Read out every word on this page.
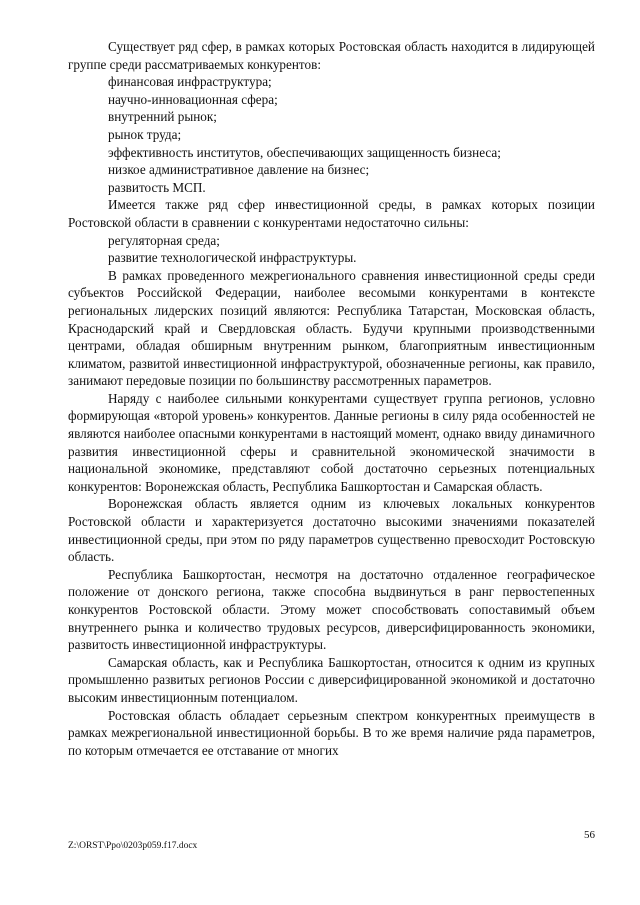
Существует ряд сфер, в рамках которых Ростовская область находится в лидирующей группе среди рассматриваемых конкурентов:

финансовая инфраструктура;

научно-инновационная сфера;

внутренний рынок;

рынок труда;

эффективность институтов, обеспечивающих защищенность бизнеса;

низкое административное давление на бизнес;

развитость МСП.

Имеется также ряд сфер инвестиционной среды, в рамках которых позиции Ростовской области в сравнении с конкурентами недостаточно сильны:

регуляторная среда;

развитие технологической инфраструктуры.

В рамках проведенного межрегионального сравнения инвестиционной среды среди субъектов Российской Федерации, наиболее весомыми конкурентами в контексте региональных лидерских позиций являются: Республика Татарстан, Московская область, Краснодарский край и Свердловская область. Будучи крупными производственными центрами, обладая обширным внутренним рынком, благоприятным инвестиционным климатом, развитой инвестиционной инфраструктурой, обозначенные регионы, как правило, занимают передовые позиции по большинству рассмотренных параметров.

Наряду с наиболее сильными конкурентами существует группа регионов, условно формирующая «второй уровень» конкурентов. Данные регионы в силу ряда особенностей не являются наиболее опасными конкурентами в настоящий момент, однако ввиду динамичного развития инвестиционной сферы и сравнительной экономической значимости в национальной экономике, представляют собой достаточно серьезных потенциальных конкурентов: Воронежская область, Республика Башкортостан и Самарская область.

Воронежская область является одним из ключевых локальных конкурентов Ростовской области и характеризуется достаточно высокими значениями показателей инвестиционной среды, при этом по ряду параметров существенно превосходит Ростовскую область.

Республика Башкортостан, несмотря на достаточно отдаленное географическое положение от донского региона, также способна выдвинуться в ранг первостепенных конкурентов Ростовской области. Этому может способствовать сопоставимый объем внутреннего рынка и количество трудовых ресурсов, диверсифицированность экономики, развитость инвестиционной инфраструктуры.

Самарская область, как и Республика Башкортостан, относится к одним из крупных промышленно развитых регионов России с диверсифицированной экономикой и достаточно высоким инвестиционным потенциалом.

Ростовская область обладает серьезным спектром конкурентных преимуществ в рамках межрегиональной инвестиционной борьбы. В то же время наличие ряда параметров, по которым отмечается ее отставание от многих

56
Z:\ORST\Ppo\0203p059.f17.docx
